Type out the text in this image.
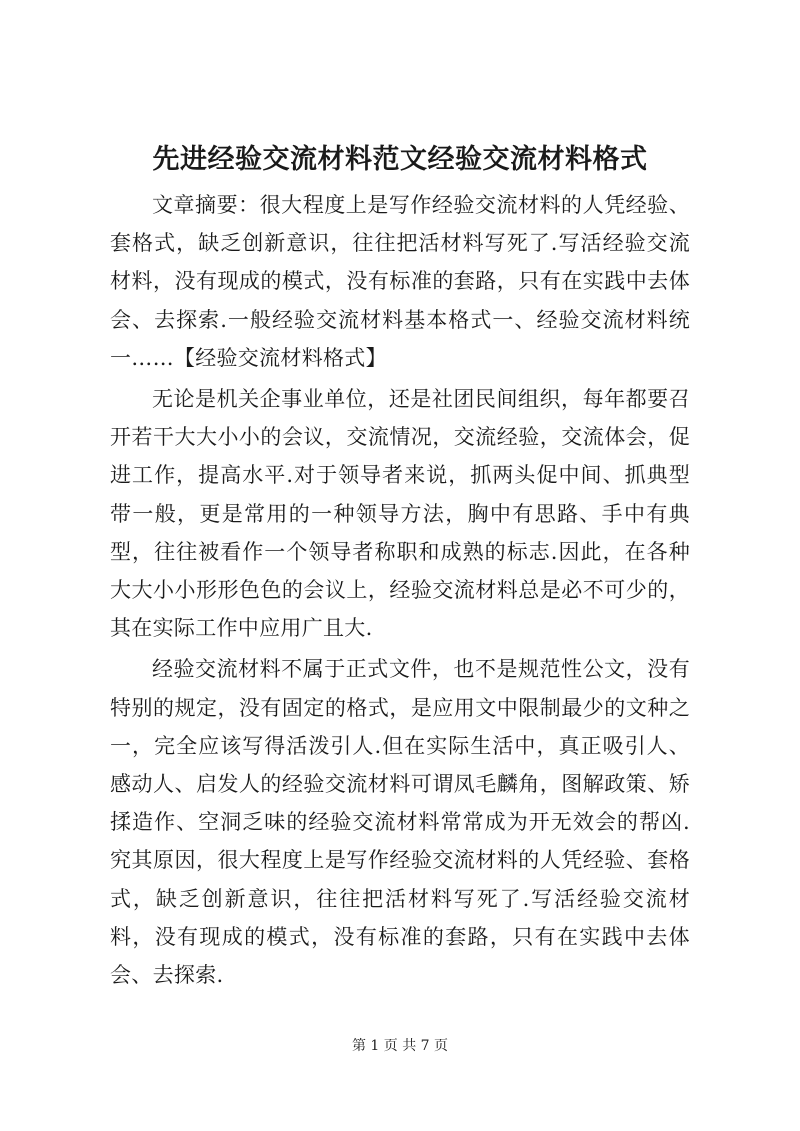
先进经验交流材料范文经验交流材料格式

文章摘要：很大程度上是写作经验交流材料的人凭经验、套格式，缺乏创新意识，往往把活材料写死了.写活经验交流材料，没有现成的模式，没有标准的套路，只有在实践中去体会、去探索.一般经验交流材料基本格式一、经验交流材料统一……【经验交流材料格式】

无论是机关企事业单位，还是社团民间组织，每年都要召开若干大大小小的会议，交流情况，交流经验，交流体会，促进工作，提高水平.对于领导者来说，抓两头促中间、抓典型带一般，更是常用的一种领导方法，胸中有思路、手中有典型，往往被看作一个领导者称职和成熟的标志.因此，在各种大大小小形形色色的会议上，经验交流材料总是必不可少的，其在实际工作中应用广且大.

经验交流材料不属于正式文件，也不是规范性公文，没有特别的规定，没有固定的格式，是应用文中限制最少的文种之一，完全应该写得活泼引人.但在实际生活中，真正吸引人、感动人、启发人的经验交流材料可谓凤毛麟角，图解政策、矫揉造作、空洞乏味的经验交流材料常常成为开无效会的帮凶.究其原因，很大程度上是写作经验交流材料的人凭经验、套格式，缺乏创新意识，往往把活材料写死了.写活经验交流材料，没有现成的模式，没有标准的套路，只有在实践中去体会、去探索.

第 1 页 共 7 页
